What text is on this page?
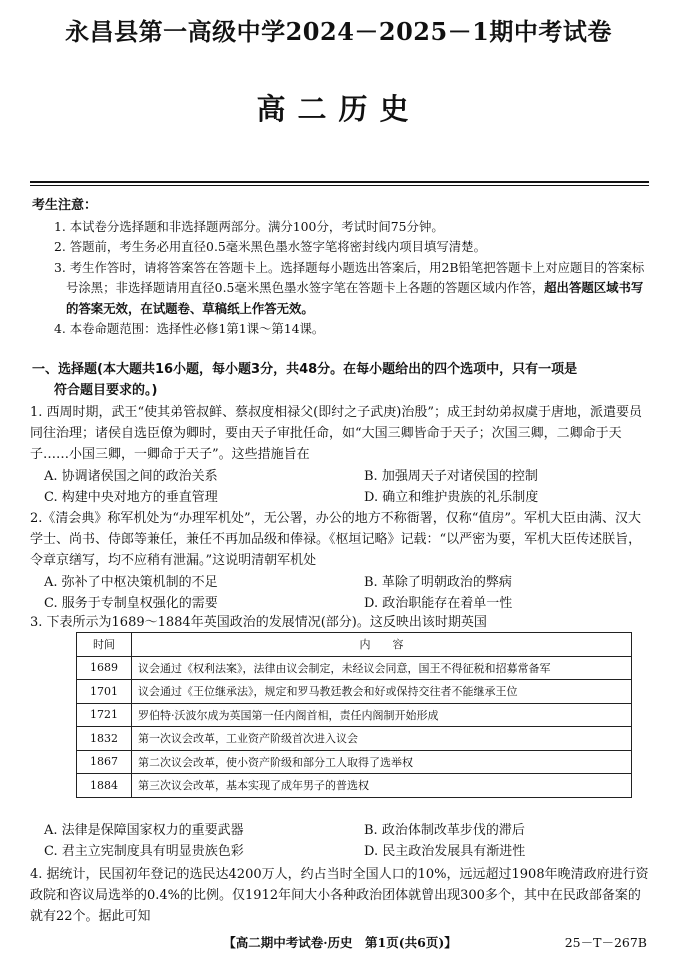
永昌县第一高级中学2024－2025－1期中考试卷
高二历史
考生注意：
1. 本试卷分选择题和非选择题两部分。满分100分，考试时间75分钟。
2. 答题前，考生务必用直径0.5毫米黑色墨水签字笔将密封线内项目填写清楚。
3. 考生作答时，请将答案答在答题卡上。选择题每小题选出答案后，用2B铅笔把答题卡上对应题目的答案标号涂黑；非选择题请用直径0.5毫米黑色墨水签字笔在答题卡上各题的答题区域内作答，超出答题区域书写的答案无效，在试题卷、草稿纸上作答无效。
4. 本卷命题范围：选择性必修1第1课～第14课。
一、选择题(本大题共16小题，每小题3分，共48分。在每小题给出的四个选项中，只有一项是
符合题目要求的。)
1. 西周时期，武王“使其弟管叔鲜、蔡叔度相禄父(即纣之子武庚)治殷”；成王封幼弟叔虞于唐地，派遣要员同往治理；诸侯自选臣僚为卿时，要由天子审批任命，如“大国三卿皆命于天子；次国三卿，二卿命于天子……小国三卿，一卿命于天子”。这些措施旨在
A. 协调诸侯国之间的政治关系	B. 加强周天子对诸侯国的控制
C. 构建中央对地方的垂直管理	D. 确立和维护贵族的礼乐制度
2.《清会典》称军机处为“办理军机处”，无公署，办公的地方不称衙署，仅称“值房”。军机大臣由满、汉大学士、尚书、侍郎等兼任，兼任不再加品级和俸禄。《枢垣记略》记载：“以严密为要，军机大臣传述朕旨，令章京缮写，均不应稍有泄漏。”这说明清朝军机处
A. 弥补了中枢决策机制的不足	B. 革除了明朝政治的弊病
C. 服务于专制皇权强化的需要	D. 政治职能存在着单一性
3. 下表所示为1689～1884年英国政治的发展情况(部分)。这反映出该时期英国
时间	内　　容
1689	议会通过《权利法案》，法律由议会制定，未经议会同意，国王不得征税和招募常备军
1701	议会通过《王位继承法》，规定和罗马教廷教会和好或保持交往者不能继承王位
1721	罗伯特·沃波尔成为英国第一任内阁首相，责任内阁制开始形成
1832	第一次议会改革，工业资产阶级首次进入议会
1867	第二次议会改革，使小资产阶级和部分工人取得了选举权
1884	第三次议会改革，基本实现了成年男子的普选权
A. 法律是保障国家权力的重要武器	B. 政治体制改革步伐的滞后
C. 君主立宪制度具有明显贵族色彩	D. 民主政治发展具有渐进性
4. 据统计，民国初年登记的选民达4200万人，约占当时全国人口的10%，远远超过1908年晚清政府进行资政院和咨议局选举的0.4%的比例。仅1912年间大小各种政治团体就曾出现300多个，其中在民政部备案的就有22个。据此可知
【高二期中考试卷·历史　第1页(共6页)】	25－T－267B
